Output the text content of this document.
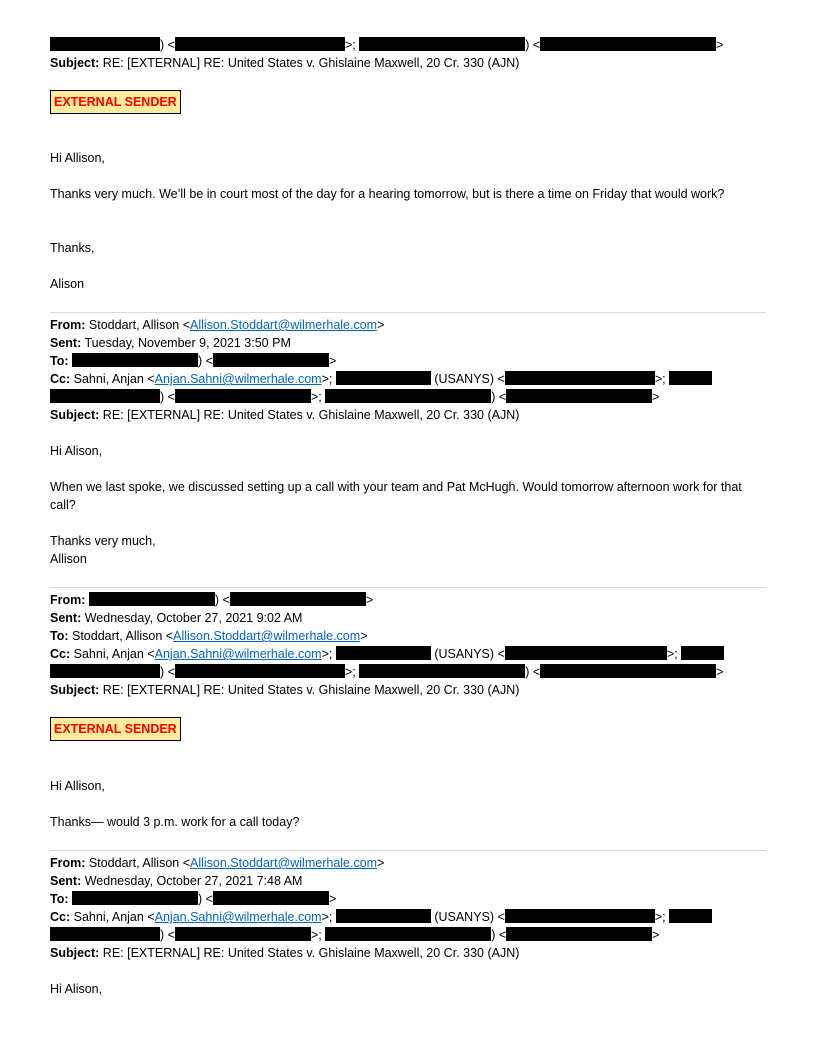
) <	>;	) <	>
Subject: RE: [EXTERNAL] RE: United States v. Ghislaine Maxwell, 20 Cr. 330 (AJN)
EXTERNAL SENDER
Hi Allison,
Thanks very much. We’ll be in court most of the day for a hearing tomorrow, but is there a time on Friday that would work?
Thanks,
Alison
From: Stoddart, Allison <Allison.Stoddart@wilmerhale.com>
Sent: Tuesday, November 9, 2021 3:50 PM
To:	) <	>
Cc: Sahni, Anjan <Anjan.Sahni@wilmerhale.com>;	(USANYS) <	>;
) <	>;	) <	>
Subject: RE: [EXTERNAL] RE: United States v. Ghislaine Maxwell, 20 Cr. 330 (AJN)
Hi Alison,
When we last spoke, we discussed setting up a call with your team and Pat McHugh. Would tomorrow afternoon work for that call?
Thanks very much,
Allison
From:	) <	>
Sent: Wednesday, October 27, 2021 9:02 AM
To: Stoddart, Allison <Allison.Stoddart@wilmerhale.com>
Cc: Sahni, Anjan <Anjan.Sahni@wilmerhale.com>;	(USANYS) <	>;
) <	>;	) <	>
Subject: RE: [EXTERNAL] RE: United States v. Ghislaine Maxwell, 20 Cr. 330 (AJN)
EXTERNAL SENDER
Hi Allison,
Thanks— would 3 p.m. work for a call today?
From: Stoddart, Allison <Allison.Stoddart@wilmerhale.com>
Sent: Wednesday, October 27, 2021 7:48 AM
To:	) <	>
Cc: Sahni, Anjan <Anjan.Sahni@wilmerhale.com>;	(USANYS) <	>;
) <	>;	) <	>
Subject: RE: [EXTERNAL] RE: United States v. Ghislaine Maxwell, 20 Cr. 330 (AJN)
Hi Alison,
